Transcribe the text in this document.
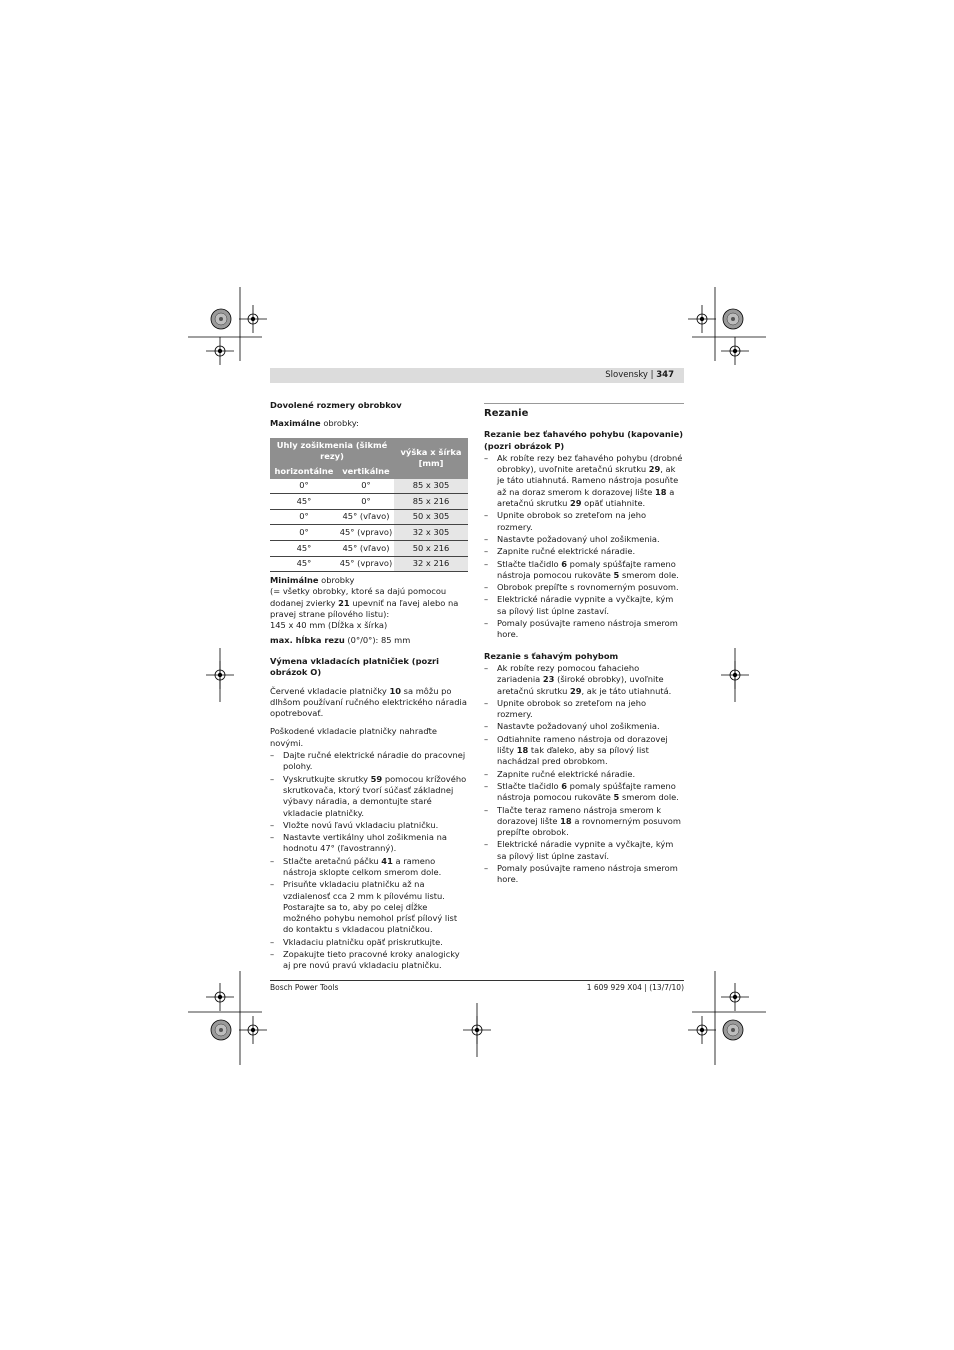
Slovensky | 347

Dovolené rozmery obrobkov

Maximálne obrobky:

Uhly zošikmenia (šikmé rezy)		výška x šírka [mm]
horizontálne	vertikálne	
0°	0°	85 x 305
45°	0°	85 x 216
0°	45° (vľavo)	50 x 305
0°	45° (vpravo)	32 x 305
45°	45° (vľavo)	50 x 216
45°	45° (vpravo)	32 x 216

Minimálne obrobky

(= všetky obrobky, ktoré sa dajú pomocou dodanej zvierky 21 upevniť na ľavej alebo na pravej strane pílového listu):

145 x 40 mm (Dĺžka x šírka)

max. hĺbka rezu (0°/0°): 85 mm

Výmena vkladacích platničiek (pozri obrázok O)

Červené vkladacie platničky 10 sa môžu po dlhšom používaní ručného elektrického náradia opotrebovať.

Poškodené vkladacie platničky nahraďte novými.

– Dajte ručné elektrické náradie do pracovnej polohy.
– Vyskrutkujte skrutky 59 pomocou krížového skrutkovača, ktorý tvorí súčasť základnej výbavy náradia, a demontujte staré vkladacie platničky.
– Vložte novú ľavú vkladaciu platničku.
– Nastavte vertikálny uhol zošikmenia na hodnotu 47° (ľavostranný).
– Stlačte aretačnú páčku 41 a rameno nástroja sklopte celkom smerom dole.
– Prisuňte vkladaciu platničku až na vzdialenosť cca 2 mm k pílovému listu. Postarajte sa to, aby po celej dĺžke možného pohybu nemohol prísť pílový list do kontaktu s vkladacou platničkou.
– Vkladaciu platničku opäť priskrutkujte.
– Zopakujte tieto pracovné kroky analogicky aj pre novú pravú vkladaciu platničku.

Rezanie

Rezanie bez ťahavého pohybu (kapovanie) (pozri obrázok P)

– Ak robíte rezy bez ťahavého pohybu (drobné obrobky), uvoľnite aretačnú skrutku 29, ak je táto utiahnutá. Rameno nástroja posuňte až na doraz smerom k dorazovej lište 18 a aretačnú skrutku 29 opäť utiahnite.
– Upnite obrobok so zreteľom na jeho rozmery.
– Nastavte požadovaný uhol zošikmenia.
– Zapnite ručné elektrické náradie.
– Stlačte tlačidlo 6 pomaly spúšťajte rameno nástroja pomocou rukoväte 5 smerom dole.
– Obrobok prepíľte s rovnomerným posuvom.
– Elektrické náradie vypnite a vyčkajte, kým sa pílový list úplne zastaví.
– Pomaly posúvajte rameno nástroja smerom hore.

Rezanie s ťahavým pohybom

– Ak robíte rezy pomocou ťahacieho zariadenia 23 (široké obrobky), uvoľnite aretačnú skrutku 29, ak je táto utiahnutá.
– Upnite obrobok so zreteľom na jeho rozmery.
– Nastavte požadovaný uhol zošikmenia.
– Odtiahnite rameno nástroja od dorazovej lišty 18 tak ďaleko, aby sa pílový list nachádzal pred obrobkom.
– Zapnite ručné elektrické náradie.
– Stlačte tlačidlo 6 pomaly spúšťajte rameno nástroja pomocou rukoväte 5 smerom dole.
– Tlačte teraz rameno nástroja smerom k dorazovej lište 18 a rovnomerným posuvom prepíľte obrobok.
– Elektrické náradie vypnite a vyčkajte, kým sa pílový list úplne zastaví.
– Pomaly posúvajte rameno nástroja smerom hore.
Bosch Power Tools	1 609 929 X04 | (13/7/10)
